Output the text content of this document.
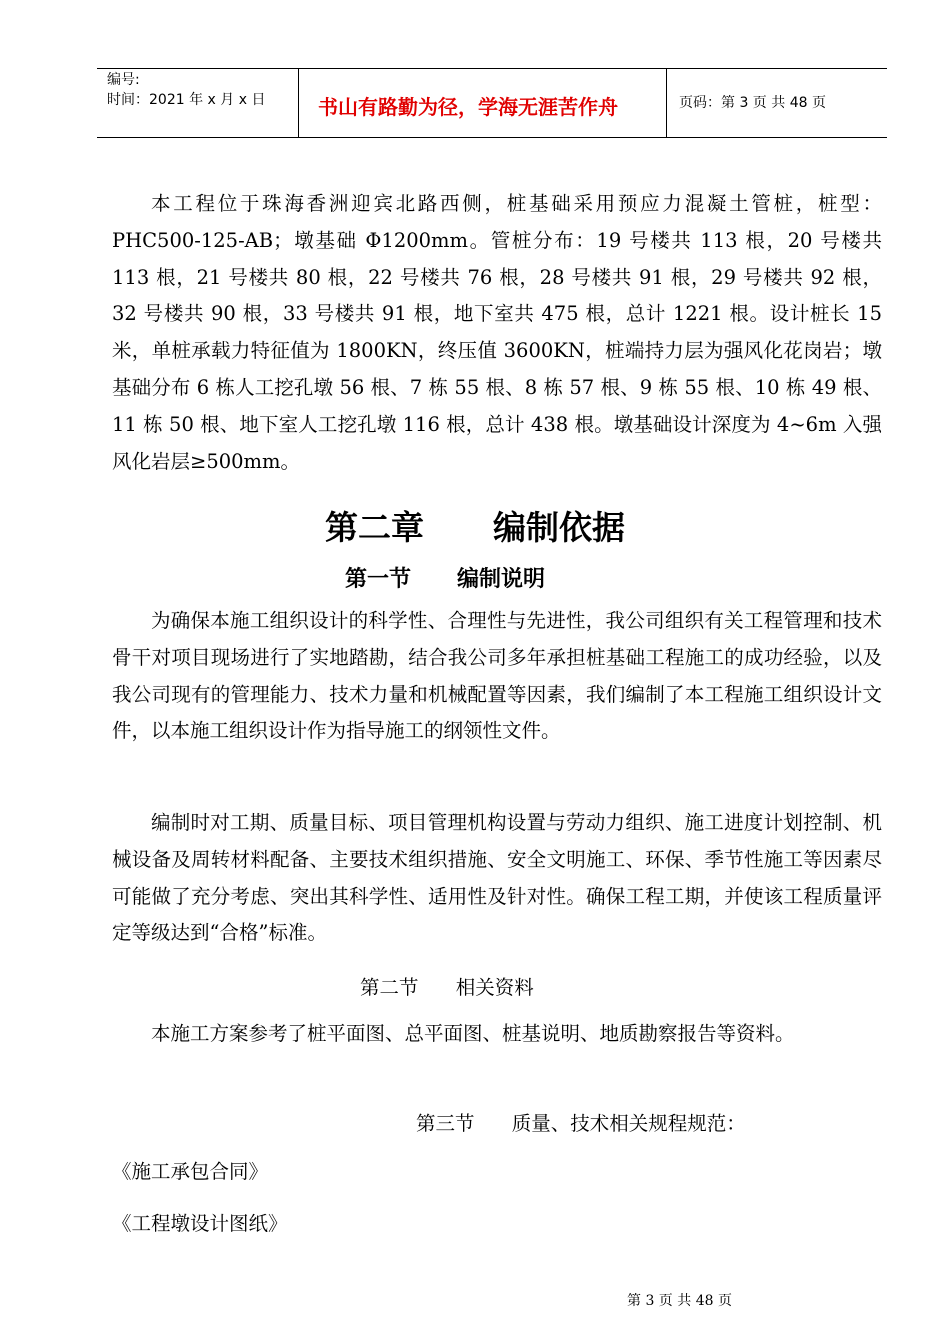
编号:
时间：2021 年 x 月 x 日	书山有路勤为径，学海无涯苦作舟	页码：第 3 页 共 48 页

本工程位于珠海香洲迎宾北路西侧，桩基础采用预应力混凝土管桩，桩型：PHC500-125-AB；墩基础 Φ1200mm。管桩分布：19 号楼共 113 根，20 号楼共 113 根，21 号楼共 80 根，22 号楼共 76 根，28 号楼共 91 根，29 号楼共 92 根，32 号楼共 90 根，33 号楼共 91 根，地下室共 475 根，总计 1221 根。设计桩长 15 米，单桩承载力特征值为 1800KN，终压值 3600KN，桩端持力层为强风化花岗岩；墩基础分布 6 栋人工挖孔墩 56 根、7 栋 55 根、8 栋 57 根、9 栋 55 根、10 栋 49 根、11 栋 50 根、地下室人工挖孔墩 116 根，总计 438 根。墩基础设计深度为 4~6m 入强风化岩层≥500mm。

第二章      编制依据
第一节      编制说明

为确保本施工组织设计的科学性、合理性与先进性，我公司组织有关工程管理和技术骨干对项目现场进行了实地踏勘，结合我公司多年承担桩基础工程施工的成功经验，以及我公司现有的管理能力、技术力量和机械配置等因素，我们编制了本工程施工组织设计文件，以本施工组织设计作为指导施工的纲领性文件。

编制时对工期、质量目标、项目管理机构设置与劳动力组织、施工进度计划控制、机械设备及周转材料配备、主要技术组织措施、安全文明施工、环保、季节性施工等因素尽可能做了充分考虑、突出其科学性、适用性及针对性。确保工程工期，并使该工程质量评定等级达到“合格”标准。

第二节      相关资料

本施工方案参考了桩平面图、总平面图、桩基说明、地质勘察报告等资料。

第三节      质量、技术相关规程规范：
《施工承包合同》
《工程墩设计图纸》
第 3 页 共 48 页
